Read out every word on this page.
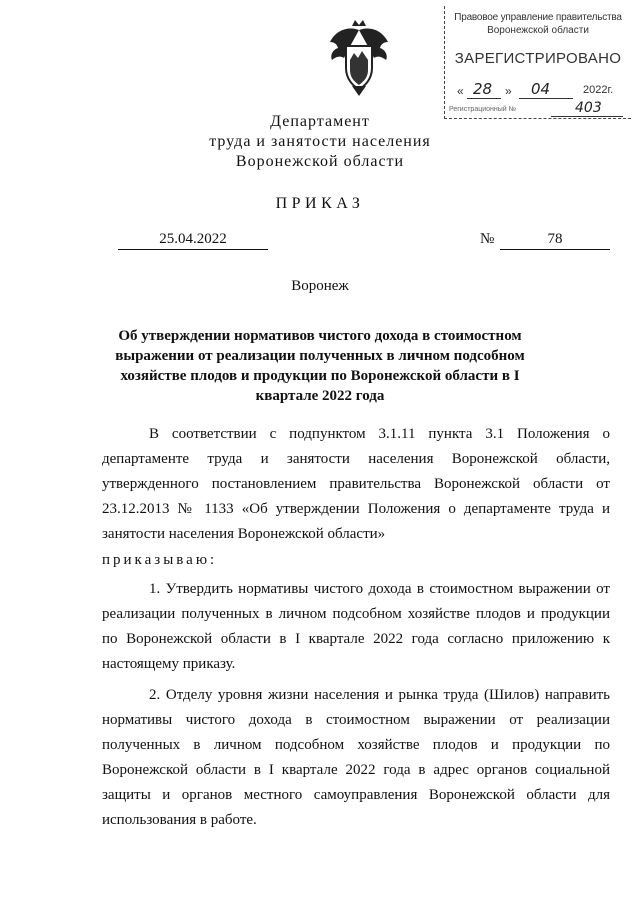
Правовое управление правительства
Воронежской области
ЗАРЕГИСТРИРОВАНО
« 28 » 04	2022г.
Регистрационный №	403
Департамент
труда и занятости населения
Воронежской области
ПРИКАЗ
25.04.2022	№	78
Воронеж
Об утверждении нормативов чистого дохода в стоимостном выражении от реализации полученных в личном подсобном хозяйстве плодов и продукции по Воронежской области в I квартале 2022 года
В соответствии с подпунктом 3.1.11 пункта 3.1 Положения о
департаменте труда и занятости населения Воронежской области,
утвержденного постановлением правительства Воронежской области от
23.12.2013 № 1133 «Об утверждении Положения о департаменте труда и
занятости населения Воронежской области»
приказываю:
1. Утвердить нормативы чистого дохода в стоимостном выражении от
реализации полученных в личном подсобном хозяйстве плодов и продукции
по Воронежской области в I квартале 2022 года согласно приложению к
настоящему приказу.
2. Отделу уровня жизни населения и рынка труда (Шилов) направить
нормативы чистого дохода в стоимостном выражении от реализации
полученных в личном подсобном хозяйстве плодов и продукции по
Воронежской области в I квартале 2022 года в адрес органов социальной
защиты и органов местного самоуправления Воронежской области для
использования в работе.
